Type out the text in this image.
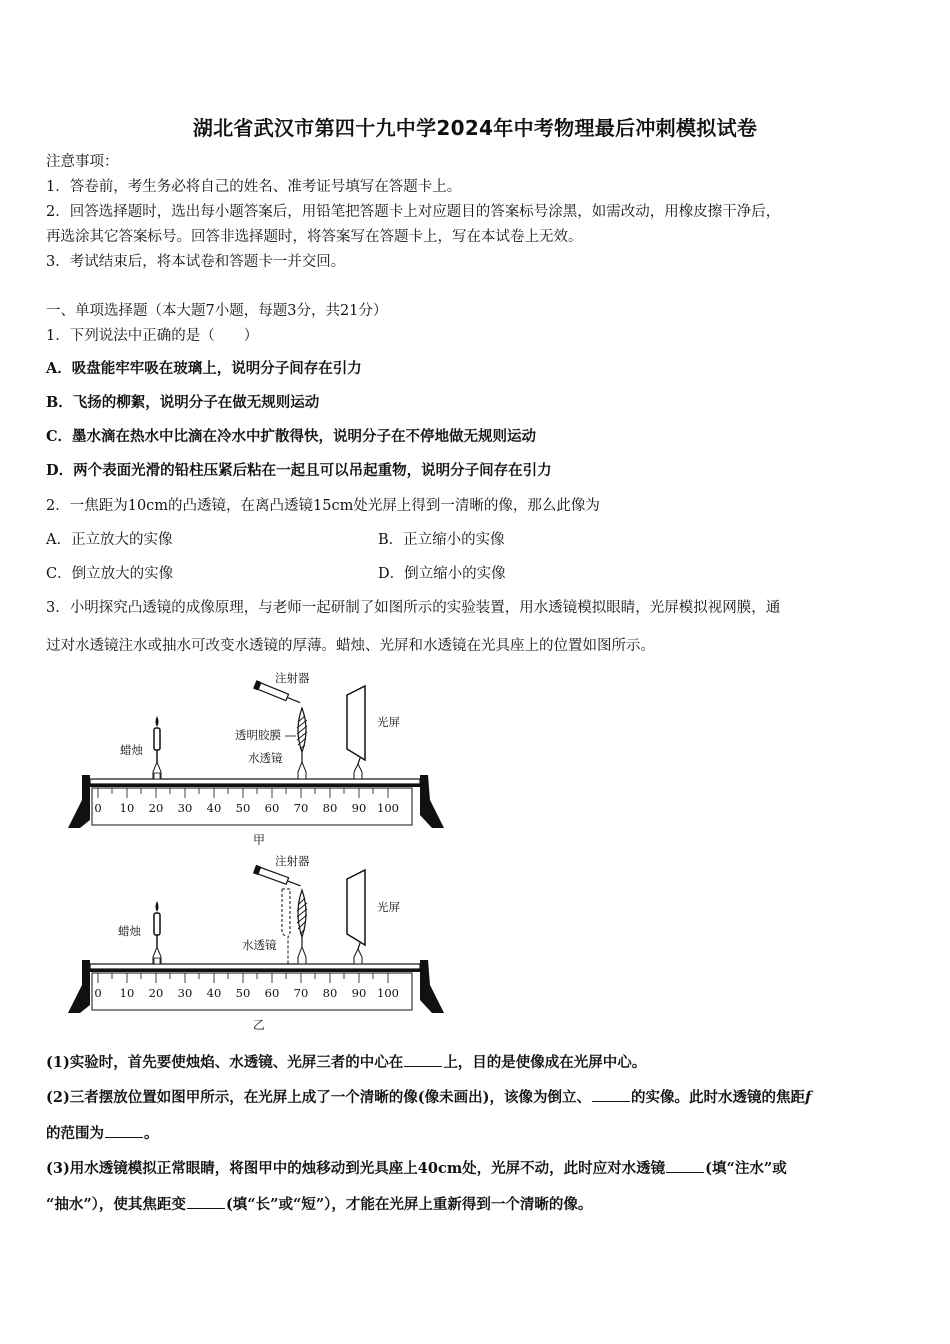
湖北省武汉市第四十九中学2024年中考物理最后冲刺模拟试卷
注意事项：
1．答卷前，考生务必将自己的姓名、准考证号填写在答题卡上。
2．回答选择题时，选出每小题答案后，用铅笔把答题卡上对应题目的答案标号涂黑，如需改动，用橡皮擦干净后，
再选涂其它答案标号。回答非选择题时，将答案写在答题卡上，写在本试卷上无效。
3．考试结束后，将本试卷和答题卡一并交回。
一、单项选择题（本大题7小题，每题3分，共21分）
1．下列说法中正确的是（　　）
A．吸盘能牢牢吸在玻璃上，说明分子间存在引力
B．飞扬的柳絮，说明分子在做无规则运动
C．墨水滴在热水中比滴在冷水中扩散得快，说明分子在不停地做无规则运动
D．两个表面光滑的铅柱压紧后粘在一起且可以吊起重物，说明分子间存在引力
2．一焦距为10cm的凸透镜，在离凸透镜15cm处光屏上得到一清晰的像，那么此像为
A．正立放大的实像	B．正立缩小的实像
C．倒立放大的实像	D．倒立缩小的实像
3．小明探究凸透镜的成像原理，与老师一起研制了如图所示的实验装置，用水透镜模拟眼睛，光屏模拟视网膜，通
过对水透镜注水或抽水可改变水透镜的厚薄。蜡烛、光屏和水透镜在光具座上的位置如图所示。
0 10 20 30 40 50 60 70 80 90 100
蜡烛
注射器
透明胶膜
水透镜
光屏
甲
0 10 20 30 40 50 60 70 80 90 100
蜡烛
注射器
水透镜
光屏
乙
(1)实验时，首先要使烛焰、水透镜、光屏三者的中心在	上，目的是使像成在光屏中心。
(2)三者摆放位置如图甲所示，在光屏上成了一个清晰的像(像未画出)，该像为倒立、	的实像。此时水透镜的焦距f
的范围为	。
(3)用水透镜模拟正常眼睛，将图甲中的烛移动到光具座上40cm处，光屏不动，此时应对水透镜	(填“注水”或
“抽水”），使其焦距变	(填“长”或“短”），才能在光屏上重新得到一个清晰的像。
